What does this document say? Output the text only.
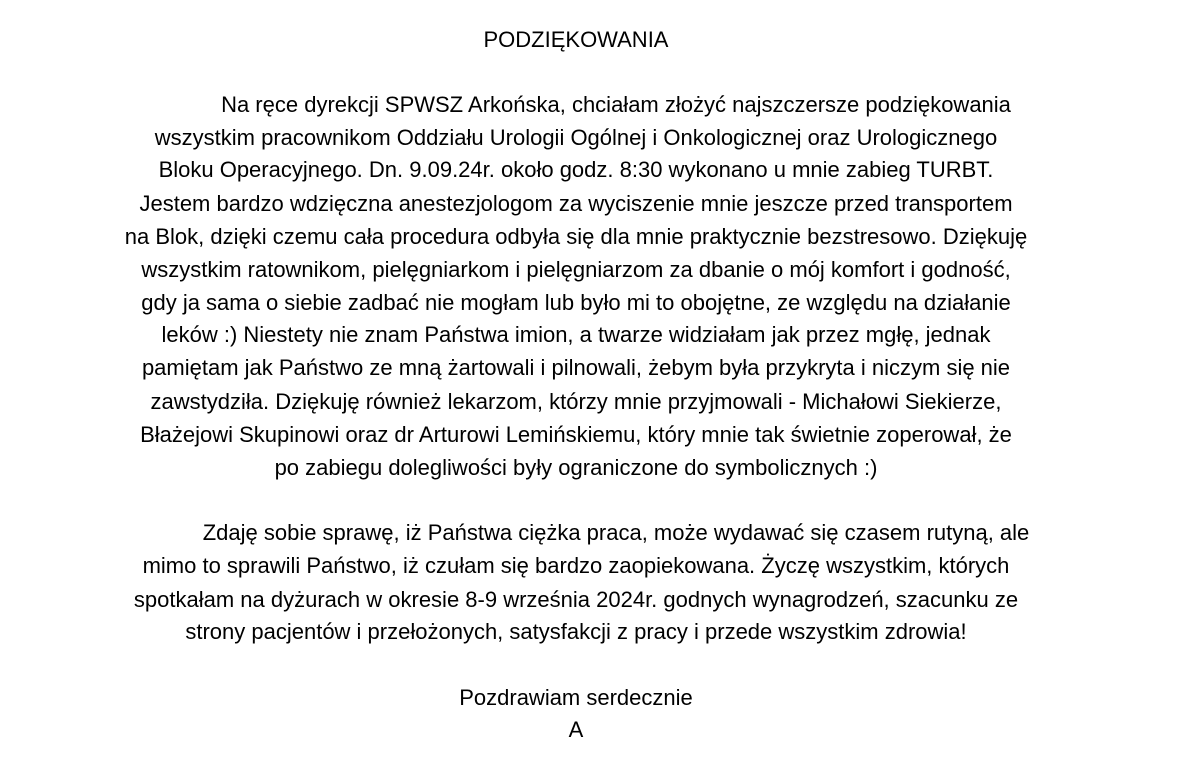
PODZIĘKOWANIA
Na ręce dyrekcji SPWSZ Arkońska, chciałam złożyć najszczersze podziękowania
wszystkim pracownikom Oddziału Urologii Ogólnej i Onkologicznej oraz Urologicznego
Bloku Operacyjnego. Dn. 9.09.24r. około godz. 8:30 wykonano u mnie zabieg TURBT.
Jestem bardzo wdzięczna anestezjologom za wyciszenie mnie jeszcze przed transportem
na Blok, dzięki czemu cała procedura odbyła się dla mnie praktycznie bezstresowo. Dziękuję
wszystkim ratownikom, pielęgniarkom i pielęgniarzom za dbanie o mój komfort i godność,
gdy ja sama o siebie zadbać nie mogłam lub było mi to obojętne, ze względu na działanie
leków :) Niestety nie znam Państwa imion, a twarze widziałam jak przez mgłę, jednak
pamiętam jak Państwo ze mną żartowali i pilnowali, żebym była przykryta i niczym się nie
zawstydziła. Dziękuję również lekarzom, którzy mnie przyjmowali - Michałowi Siekierze,
Błażejowi Skupinowi oraz dr Arturowi Lemińskiemu, który mnie tak świetnie zoperował, że
po zabiegu dolegliwości były ograniczone do symbolicznych :)
Zdaję sobie sprawę, iż Państwa ciężka praca, może wydawać się czasem rutyną, ale
mimo to sprawili Państwo, iż czułam się bardzo zaopiekowana. Życzę wszystkim, których
spotkałam na dyżurach w okresie 8-9 września 2024r. godnych wynagrodzeń, szacunku ze
strony pacjentów i przełożonych, satysfakcji z pracy i przede wszystkim zdrowia!
Pozdrawiam serdecznie
A
